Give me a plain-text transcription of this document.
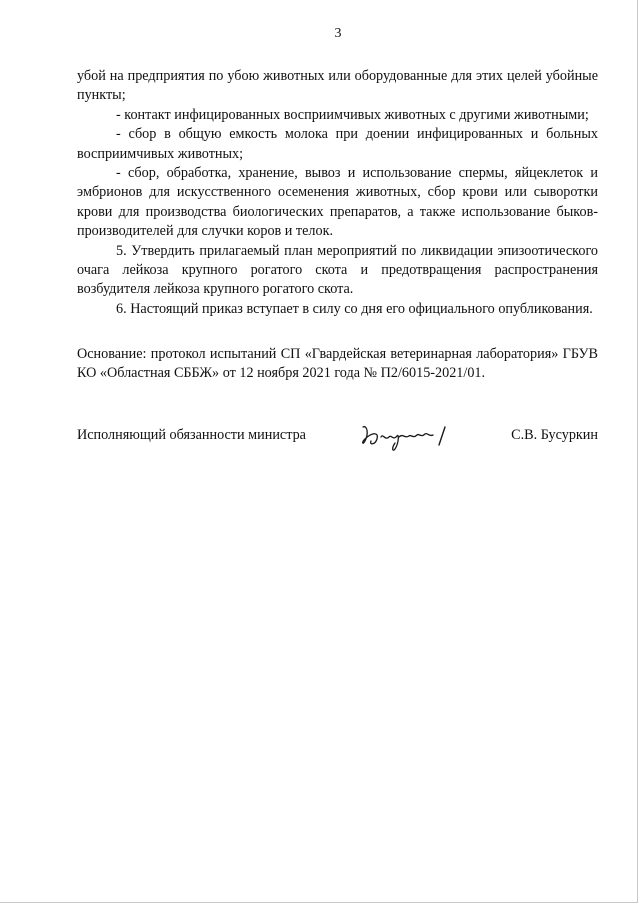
3

убой на предприятия по убою животных или оборудованные для этих целей убойные пункты;

- контакт инфицированных восприимчивых животных с другими животными;

- сбор в общую емкость молока при доении инфицированных и больных восприимчивых животных;

- сбор, обработка, хранение, вывоз и использование спермы, яйцеклеток и эмбрионов для искусственного осеменения животных, сбор крови или сыворотки крови для производства биологических препаратов, а также использование быков-производителей для случки коров и телок.

5. Утвердить прилагаемый план мероприятий по ликвидации эпизоотического очага лейкоза крупного рогатого скота и предотвращения распространения возбудителя лейкоза крупного рогатого скота.

6. Настоящий приказ вступает в силу со дня его официального опубликования.

Основание: протокол испытаний СП «Гвардейская ветеринарная лаборатория» ГБУВ КО «Областная СББЖ» от 12 ноября 2021 года № П2/6015-2021/01.

Исполняющий обязанности министра	С.В. Бусуркин
